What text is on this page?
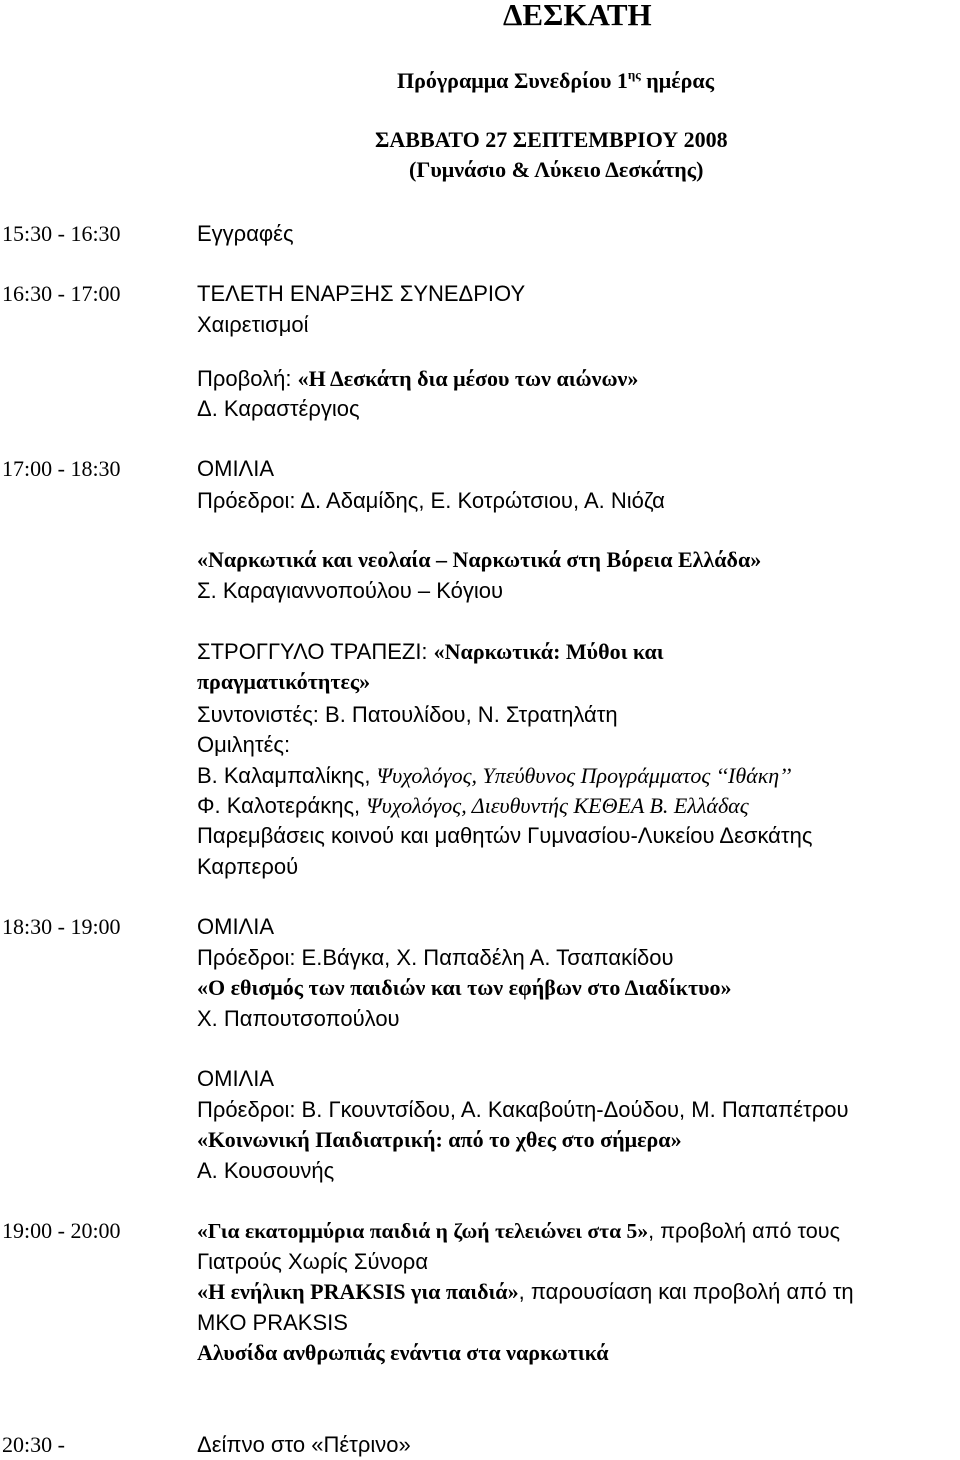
ΔΕΣΚΑΤΗ
Πρόγραμμα Συνεδρίου $1^{\eta\varsigma}$ ημέρας
ΣΑΒΒΑΤΟ 27 ΣΕΠΤΕΜΒΡΙΟΥ 2008
(Γυμνάσιο & Λύκειο Δεσκάτης)
15:30 - 16:30	Εγγραφές
16:30 - 17:00	ΤΕΛΕΤΗ ΕΝΑΡΞΗΣ ΣΥΝΕΔΡΙΟΥ
Χαιρετισμοί
Προβολή: «Η Δεσκάτη δια μέσου των αιώνων»
Δ. Καραστέργιος
17:00 - 18:30	ΟΜΙΛΙΑ
Πρόεδροι: Δ. Αδαμίδης, Ε. Κοτρώτσιου, Α. Νιόζα
«Ναρκωτικά και νεολαία – Ναρκωτικά στη Βόρεια Ελλάδα»
Σ. Καραγιαννοπούλου – Κόγιου
ΣΤΡΟΓΓΥΛΟ ΤΡΑΠΕΖΙ: «Ναρκωτικά: Μύθοι και
πραγματικότητες»
Συντονιστές: Β. Πατουλίδου, Ν. Στρατηλάτη
Ομιλητές:
Β. Καλαμπαλίκης, Ψυχολόγος, Υπεύθυνος Προγράμματος ‘‘Ιθάκη’’
Φ. Καλοτεράκης, Ψυχολόγος, Διευθυντής ΚΕΘΕΑ Β. Ελλάδας
Παρεμβάσεις κοινού και μαθητών Γυμνασίου-Λυκείου Δεσκάτης
Καρπερού
18:30 - 19:00	ΟΜΙΛΙΑ
Πρόεδροι: Ε.Βάγκα, Χ. Παπαδέλη Α. Τσαπακίδου
«Ο εθισμός των παιδιών και των εφήβων στο Διαδίκτυο»
Χ. Παπουτσοπούλου
ΟΜΙΛΙΑ
Πρόεδροι: Β. Γκουντσίδου, Α. Κακαβούτη-Δούδου, Μ. Παπαπέτρου
«Κοινωνική Παιδιατρική: από το χθες στο σήμερα»
Α. Κουσουνής
19:00 - 20:00	«Για εκατομμύρια παιδιά η ζωή τελειώνει στα 5», προβολή από τους
Γιατρούς Χωρίς Σύνορα
«Η ενήλικη PRAKSIS για παιδιά», παρουσίαση και προβολή από τη
ΜΚΟ PRAKSIS
Αλυσίδα ανθρωπιάς ενάντια στα ναρκωτικά
20:30 -	Δείπνο στο «Πέτρινο»
